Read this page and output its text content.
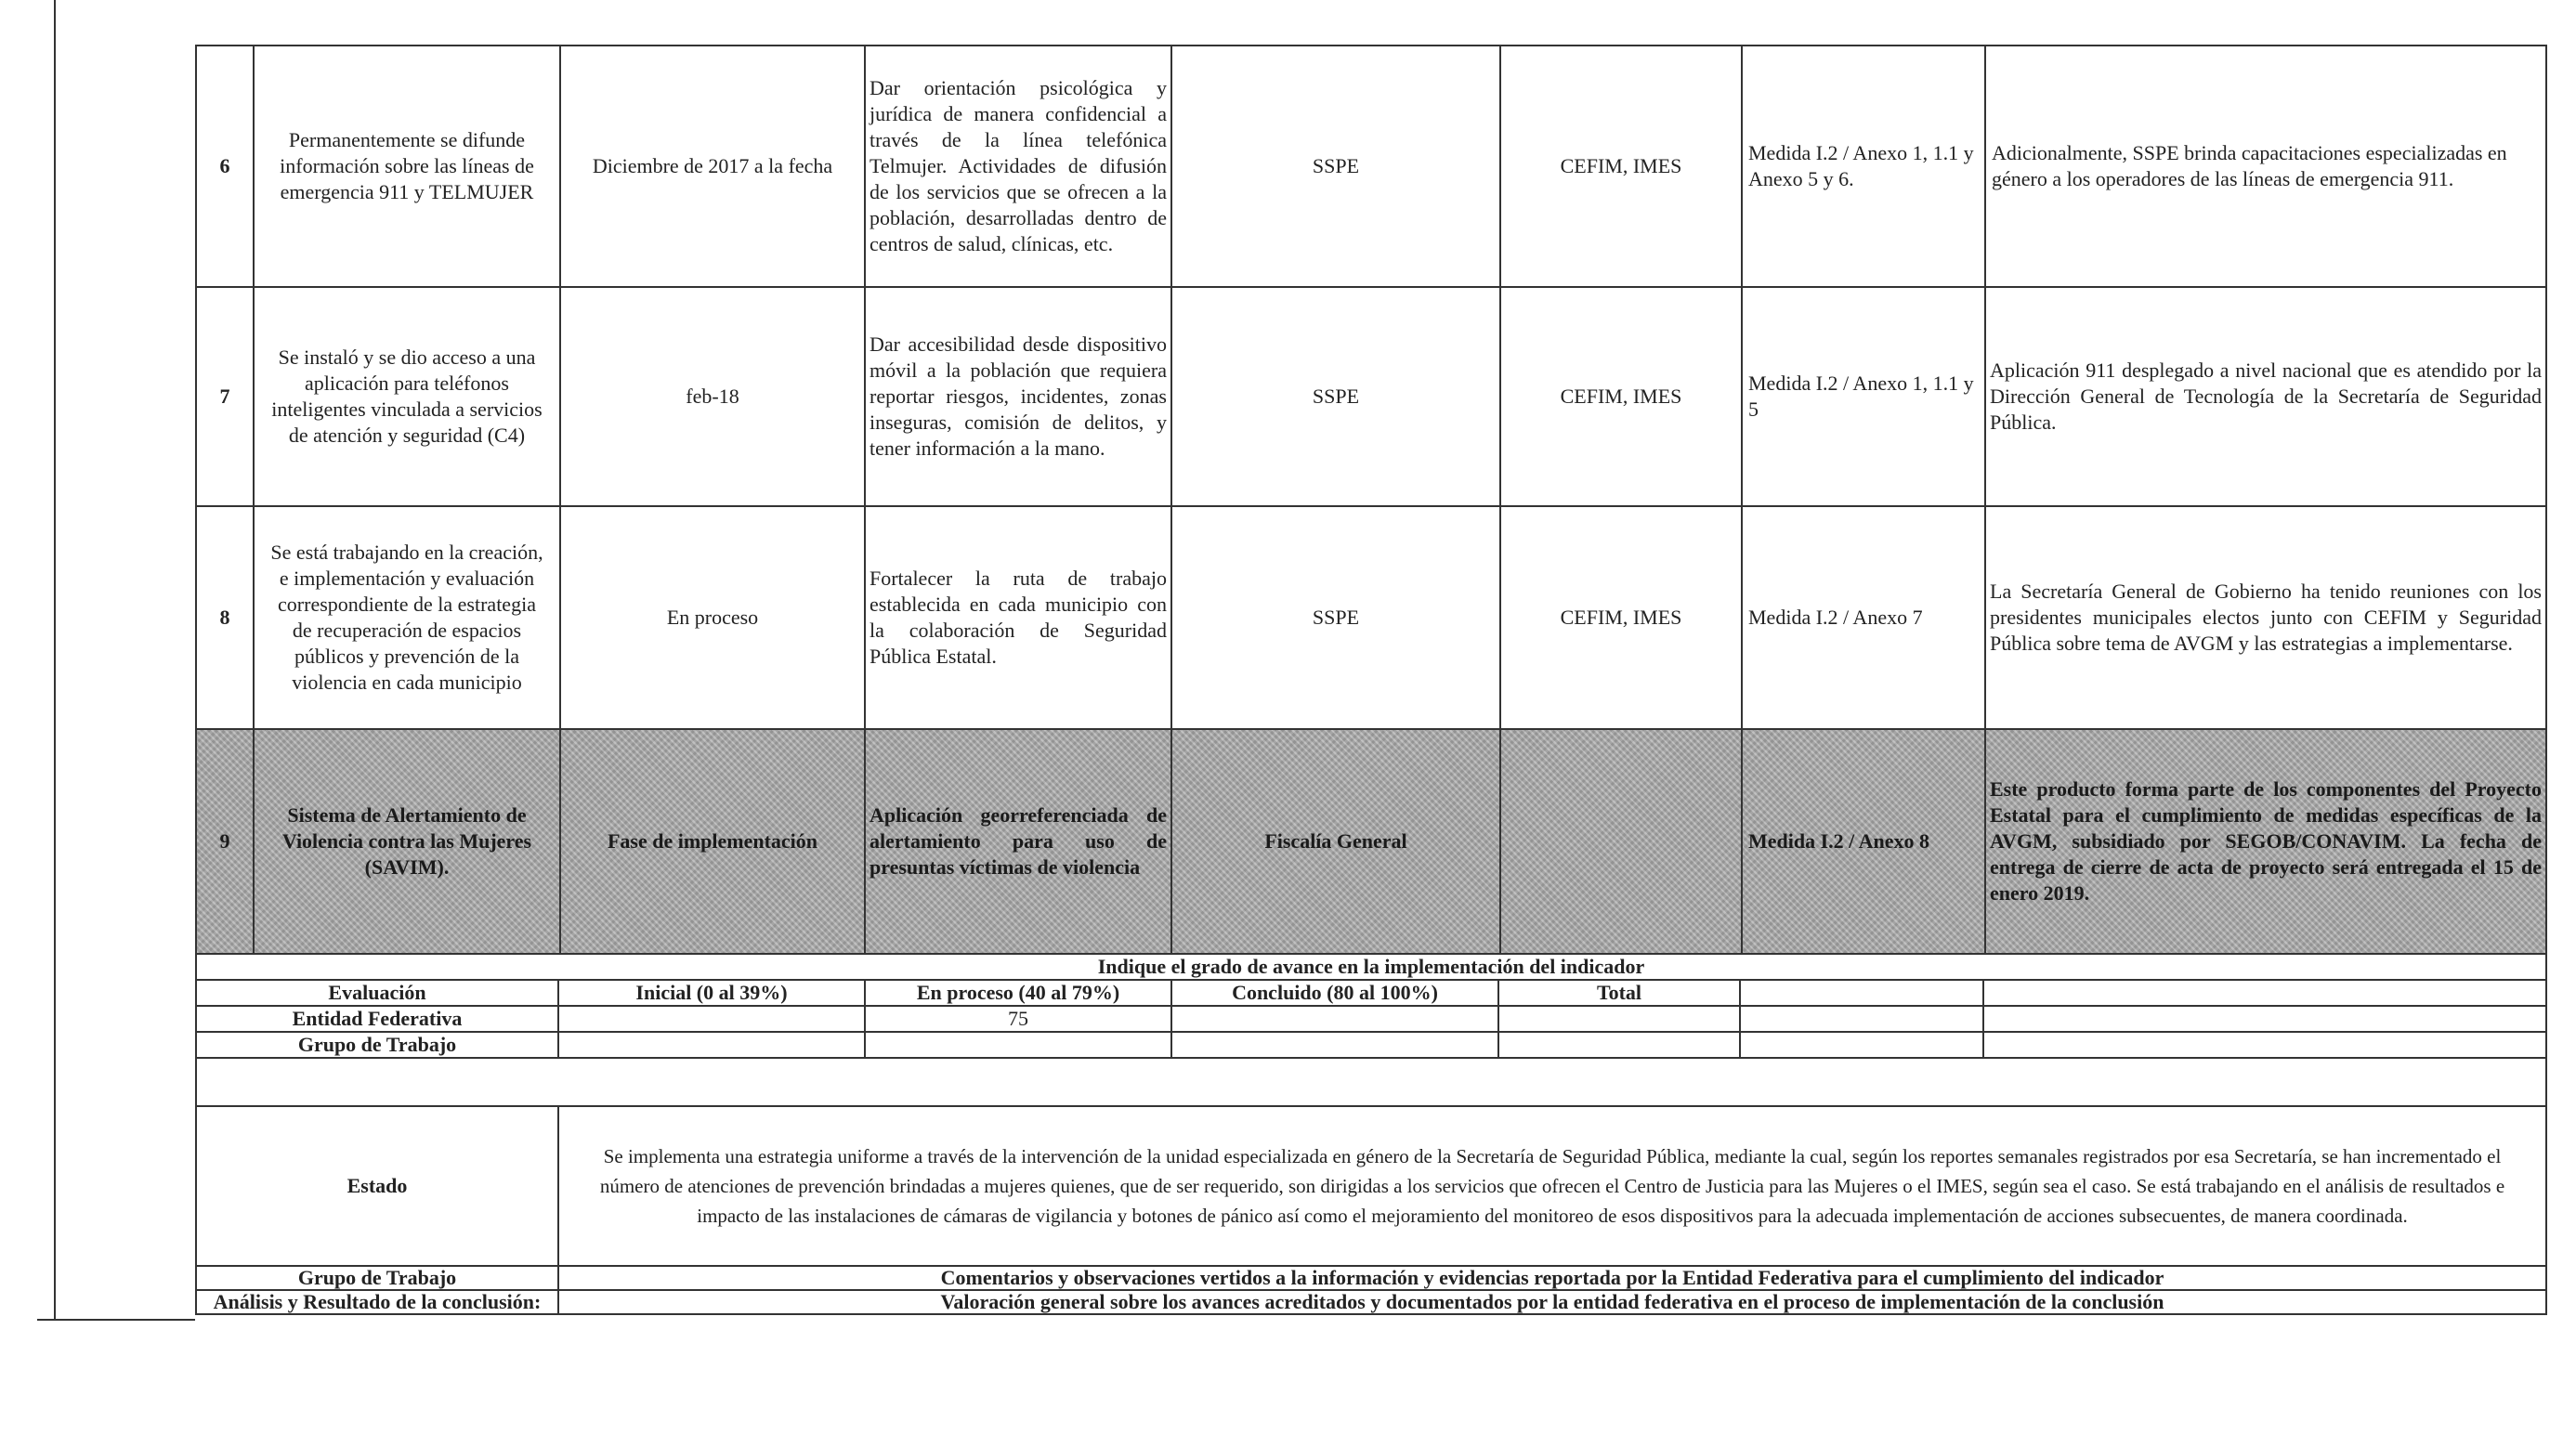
6	Permanentemente se difunde información sobre las líneas de emergencia 911 y TELMUJER	Diciembre de 2017 a la fecha	Dar orientación psicológica y jurídica de manera confidencial a través de la línea telefónica Telmujer. Actividades de difusión de los servicios que se ofrecen a la población, desarrolladas dentro de centros de salud, clínicas, etc.	SSPE	CEFIM, IMES	Medida I.2 / Anexo 1, 1.1 y Anexo 5 y 6.	Adicionalmente, SSPE brinda capacitaciones especializadas en género a los operadores de las líneas de emergencia 911.
7	Se instaló y se dio acceso a una aplicación para teléfonos inteligentes vinculada a servicios de atención y seguridad (C4)	feb-18	Dar accesibilidad desde dispositivo móvil a la población que requiera reportar riesgos, incidentes, zonas inseguras, comisión de delitos, y tener información a la mano.	SSPE	CEFIM, IMES	Medida I.2 / Anexo 1, 1.1 y 5	Aplicación 911 desplegado a nivel nacional que es atendido por la Dirección General de Tecnología de la Secretaría de Seguridad Pública.
8	Se está trabajando en la creación, e implementación y evaluación correspondiente de la estrategia de recuperación de espacios públicos y prevención de la violencia en cada municipio	En proceso	Fortalecer la ruta de trabajo establecida en cada municipio con la colaboración de Seguridad Pública Estatal.	SSPE	CEFIM, IMES	Medida I.2 / Anexo 7	La Secretaría General de Gobierno ha tenido reuniones con los presidentes municipales electos junto con CEFIM y Seguridad Pública sobre tema de AVGM y las estrategias a implementarse.
9	Sistema de Alertamiento de Violencia contra las Mujeres (SAVIM).	Fase de implementación	Aplicación georreferenciada de alertamiento para uso de presuntas víctimas de violencia	Fiscalía General		Medida I.2 / Anexo 8	Este producto forma parte de los componentes del Proyecto Estatal para el cumplimiento de medidas específicas de la AVGM, subsidiado por SEGOB/CONAVIM. La fecha de entrega de cierre de acta de proyecto será entregada el 15 de enero 2019.
Indique el grado de avance en la implementación del indicador						
Evaluación	Inicial (0 al 39%)	En proceso (40 al 79%)	Concluido (80 al 100%)	Total		
Entidad Federativa		75				
Grupo de Trabajo						

Estado	Se implementa una estrategia uniforme a través de la intervención de la unidad especializada en género de la Secretaría de Seguridad Pública, mediante la cual, según los reportes semanales registrados por esa Secretaría, se han incrementado el número de atenciones de prevención brindadas a mujeres quienes, que de ser requerido, son dirigidas a los servicios que ofrecen el Centro de Justicia para las Mujeres o el IMES, según sea el caso. Se está trabajando en el análisis de resultados e impacto de las instalaciones de cámaras de vigilancia y botones de pánico así como el mejoramiento del monitoreo de esos dispositivos para la adecuada implementación de acciones subsecuentes, de manera coordinada.					
Grupo de Trabajo	Comentarios y observaciones vertidos a la información y evidencias reportada por la Entidad Federativa para el cumplimiento del indicador					
Análisis y Resultado de la conclusión:	Valoración general sobre los avances acreditados y documentados por la entidad federativa en el proceso de implementación de la conclusión					
